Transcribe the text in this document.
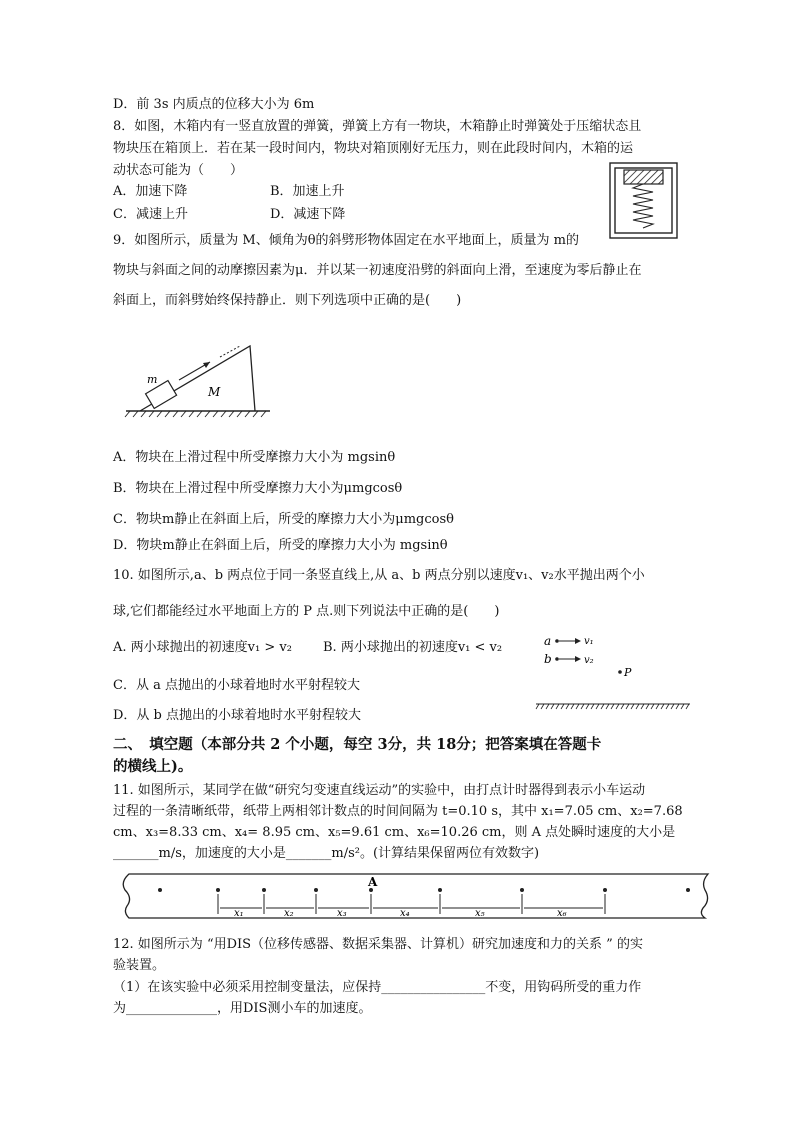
D．前 3s 内质点的位移大小为 6m
8．如图，木箱内有一竖直放置的弹簧，弹簧上方有一物块，木箱静止时弹簧处于压缩状态且
物块压在箱顶上．若在某一段时间内，物块对箱顶刚好无压力，则在此段时间内，木箱的运
动状态可能为（　　）
A．加速下降	B．加速上升
C．减速上升	D．减速下降
9．如图所示，质量为 M、倾角为θ的斜劈形物体固定在水平地面上，质量为 m的
物块与斜面之间的动摩擦因素为μ．并以某一初速度沿劈的斜面向上滑，至速度为零后静止在
斜面上，而斜劈始终保持静止．则下列选项中正确的是(　　)
m
M
A．物块在上滑过程中所受摩擦力大小为 mgsinθ
B．物块在上滑过程中所受摩擦力大小为μmgcosθ
C．物块m静止在斜面上后，所受的摩擦力大小为μmgcosθ
D．物块m静止在斜面上后，所受的摩擦力大小为 mgsinθ
10. 如图所示,a、b 两点位于同一条竖直线上,从 a、b 两点分别以速度v₁、v₂水平抛出两个小
球,它们都能经过水平地面上方的 P 点.则下列说法中正确的是(　　)
A. 两小球抛出的初速度v₁ > v₂ B. 两小球抛出的初速度v₁ < v₂
C．从 a 点抛出的小球着地时水平射程较大
D．从 b 点抛出的小球着地时水平射程较大
a
b
v₁
v₂
P
二、　填空题（本部分共 2 个小题，每空 3分，共 18分；把答案填在答题卡
的横线上)。
11. 如图所示，某同学在做“研究匀变速直线运动”的实验中，由打点计时器得到表示小车运动
过程的一条清晰纸带，纸带上两相邻计数点的时间间隔为 t=0.10 s，其中 x₁=7.05 cm、x₂=7.68
cm、x₃=8.33 cm、x₄= 8.95 cm、x₅=9.61 cm、x₆=10.26 cm，则 A 点处瞬时速度的大小是
_______m/s，加速度的大小是_______m/s²。(计算结果保留两位有效数字)
A
x₁	x₂	x₃	x₄	x₅	x₆
12. 如图所示为 “用DIS（位移传感器、数据采集器、计算机）研究加速度和力的关系 ” 的实
验装置。
（1）在该实验中必须采用控制变量法，应保持________________不变，用钩码所受的重力作
为______________，用DIS测小车的加速度。
